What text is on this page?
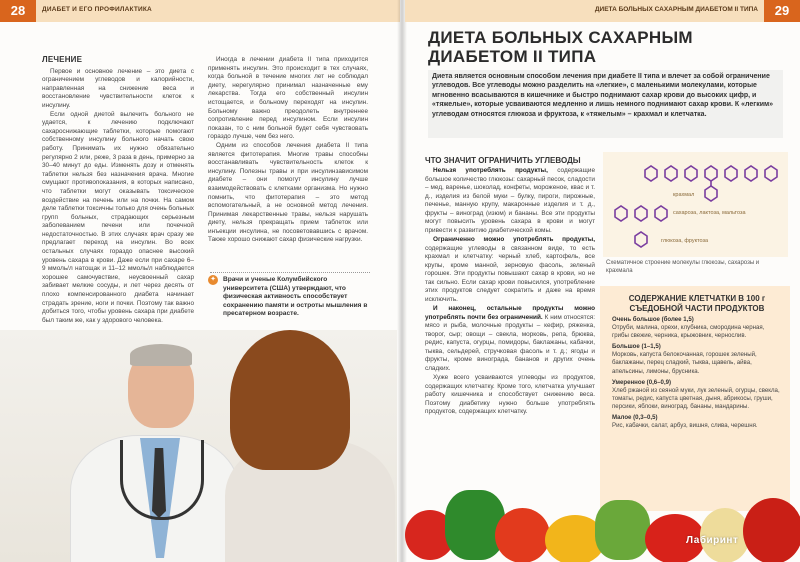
28	ДИАБЕТ И ЕГО ПРОФИЛАКТИКА
ЛЕЧЕНИЕ

Первое и основное лечение – это диета с ограничением углеводов и калорийности, направленная на снижение веса и восстановление чувствительности клеток к инсулину.

Если одной диетой вылечить больного не удается, к лечению подключают сахароснижающие таблетки, которые помогают собственному инсулину больного начать свою работу. Принимать их нужно обязательно регулярно 2 или, реже, 3 раза в день, примерно за 30–40 минут до еды. Изменять дозу и отменять таблетки нельзя без назначения врача. Многие смущают противопоказания, в которых написано, что таблетки могут оказывать токсическое воздействие на печень или на почки. На самом деле таблетки токсичны только для очень больных групп больных, страдающих серьезным заболеванием печени или почечной недостаточностью. В этих случаях врач сразу же предлагает переход на инсулин. Во всех остальных случаях гораздо опаснее высокий уровень сахара в крови. Даже если при сахаре 6–9 ммоль/л натощак и 11–12 ммоль/л наблюдается хорошее самочувствие, неусвоенный сахар забивает мелкие сосуды, и лет через десять от плохо компенсированного диабета начинает страдать зрение, ноги и почки. Поэтому так важно добиться того, чтобы уровень сахара при диабете был таким же, как у здорового человека.

Иногда в лечении диабета II типа приходится применять инсулин. Это происходит в тех случаях, когда больной в течение многих лет не соблюдал диету, нерегулярно принимал назначенные ему лекарства. Тогда его собственный инсулин истощается, и больному переходят на инсулин. Больному важно преодолеть внутреннее сопротивление перед инсулином. Если инсулин показан, то с ним больной будет себя чувствовать гораздо лучше, чем без него.

Одним из способов лечения диабета II типа является фитотерапия. Многие травы способны восстанавливать чувствительность клеток к инсулину. Полезны травы и при инсулинзависимом диабете – они помогут инсулину лучше взаимодействовать с клетками организма. Но нужно помнить, что фитотерапия – это метод вспомогательный, а не основной метод лечения. Принимая лекарственные травы, нельзя нарушать диету, нельзя прекращать прием таблеток или инъекции инсулина, не посоветовавшись с врачом. Также хорошо снижают сахар физические нагрузки.

✦	Врачи и ученые Колумбийского университета (США) утверждают, что физическая активность способствует сохранению памяти и остроты мышления в пресатерном возрасте.
ДИЕТА БОЛЬНЫХ САХАРНЫМ ДИАБЕТОМ II ТИПА	29
ДИЕТА БОЛЬНЫХ САХАРНЫМ ДИАБЕТОМ II ТИПА
Диета является основным способом лечения при диабете II типа и влечет за собой ограничение углеводов. Все углеводы можно разделить на «легкие», с маленькими молекулами, которые мгновенно всасываются в кишечнике и быстро поднимают сахар крови до высоких цифр, и «тяжелые», которые усваиваются медленно и лишь немного поднимают сахар крови. К «легким» углеводам относятся глюкоза и фруктоза, к «тяжелым» – крахмал и клетчатка.
ЧТО ЗНАЧИТ ОГРАНИЧИТЬ УГЛЕВОДЫ

Нельзя употреблять продукты, содержащие большое количество глюкозы: сахарный песок, сладости – мед, варенье, шоколад, конфеты, мороженое, квас и т. д., изделия из белой муки – булку, пироги, пирожные, печенье, манную крупу, макаронные изделия и т. д., фрукты – виноград (изюм) и бананы. Все эти продукты могут повысить уровень сахара в крови и могут привести к развитию диабетической комы.

Ограниченно можно употреблять продукты, содержащие углеводы в связанном виде, то есть крахмал и клетчатку: черный хлеб, картофель, все крупы, кроме манной, зерновую фасоль, зеленый горошек. Эти продукты повышают сахар в крови, но не так сильно. Если сахар крови повысился, употребление этих продуктов следует сократить и даже на время исключить.

И наконец, остальные продукты можно употреблять почти без ограничений. К ним относятся: мясо и рыба, молочные продукты – кефир, ряженка, творог, сыр; овощи – свекла, морковь, репа, брюква, редис, капуста, огурцы, помидоры, баклажаны, кабачки, тыква, сельдерей, стручковая фасоль и т. д.; ягоды и фрукты, кроме винограда, бананов и других очень сладких.

Хуже всего усваиваются углеводы из продуктов, содержащих клетчатку. Кроме того, клетчатка улучшает работу кишечника и способствует снижению веса. Поэтому диабетику нужно больше употреблять продуктов, содержащих клетчатку.

крахмал
сахароза, лактоза, мальтоза
глюкоза, фруктоза
Схематичное строение молекулы глюкозы, сахарозы и крахмала
СОДЕРЖАНИЕ КЛЕТЧАТКИ В 100 г СЪЕДОБНОЙ ЧАСТИ ПРОДУКТОВ

Очень большое (более 1,5)
Отруби, малина, орехи, клубника, смородина черная, грибы свежие, черника, крыжовник, чернослив.

Большое (1–1,5)
Морковь, капуста белокочанная, горошек зеленый, баклажаны, перец сладкий, тыква, щавель, айва, апельсины, лимоны, брусника.

Умеренное (0,6–0,9)
Хлеб ржаной из сеяной муки, лук зеленый, огурцы, свекла, томаты, редис, капуста цветная, дыня, абрикосы, груши, персики, яблоки, виноград, бананы, мандарины.

Малое (0,3–0,5)
Рис, кабачки, салат, арбуз, вишня, слива, черешня.

Лабиринт
